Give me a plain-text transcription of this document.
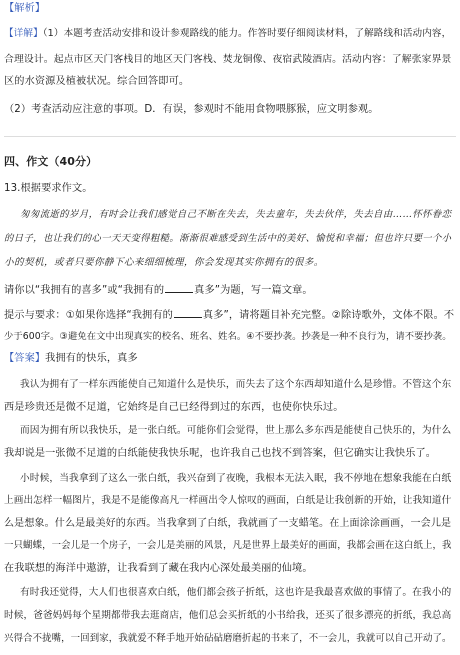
【解析】
【详解】（1）本题考查活动安排和设计参观路线的能力。作答时要仔细阅读材料，了解路线和活动内容，
合理设计。起点市区天门客栈目的地区天门客栈、焚龙铜像、夜宿武陵酒店。活动内容：了解张家界景
区的水资源及植被状况。综合回答即可。
（2）考查活动应注意的事项。D．有误，参观时不能用食物喂豚猴，应文明参观。
四、作文（40分）
13.根据要求作文。
匆匆流逝的岁月，有时会让我们感觉自己不断在失去，失去童年，失去伙伴，失去自由……怀怀眷恋
的日子，也让我们的心一天天变得粗糙。渐渐很难感受到生活中的美好、愉悦和幸福；但也许只要一个小
小的契机，或者只要你静下心来细细梳理，你会发现其实你拥有的很多。
请你以“我拥有的喜多”或“我拥有的	真多”为题，写一篇文章。
提示与要求：①如果你选择“我拥有的	真多”，请将题目补充完整。②除诗歌外，文体不限。不
少于600字。③避免在文中出现真实的校名、班名、姓名。④不要抄袭。抄袭是一种不良行为，请不要抄袭。
【答案】我拥有的快乐，真多
我认为拥有了一样东西能使自己知道什么是快乐，而失去了这个东西却知道什么是珍惜。不管这个东
西是珍贵还是微不足道，它始终是自己已经得到过的东西，也使你快乐过。
而因为拥有所以我快乐，是一张白纸。可能你们会觉得，世上那么多东西是能使自己快乐的，为什么
我却说是一张微不足道的白纸能使我快乐呢，也许我自己也找不到答案，但它确实让我快乐了。
小时候，当我拿到了这么一张白纸，我兴奋到了夜晚，我根本无法入眠，我不停地在想象我能在白纸
上画出怎样一幅图片，我是不是能像高凡一样画出令人惊叹的画面，白纸是让我创新的开始，让我知道什
么是想象。什么是最美好的东西。当我拿到了白纸，我就画了一支蜡笔。在上面涂涂画画，一会儿是
一只蝴蝶，一会儿是一个房子，一会儿是美丽的风景，凡是世界上最美好的画面，我都会画在这白纸上，我
在我联想的海洋中遨游，让我看到了藏在我内心深处最美丽的仙境。
有时我还觉得，大人们也很喜欢白纸，他们都会孩子折纸，这也许是我最喜欢做的事情了。在我小的
时候，爸爸妈妈每个星期都带我去逛商店，他们总会买折纸的小书给我，还买了很多漂亮的折纸，我总高
兴得合不拢嘴，一回到家，我就爱不释手地开始砧砧磨磨折起的书来了，不一会儿，我就可以自己开动了。
